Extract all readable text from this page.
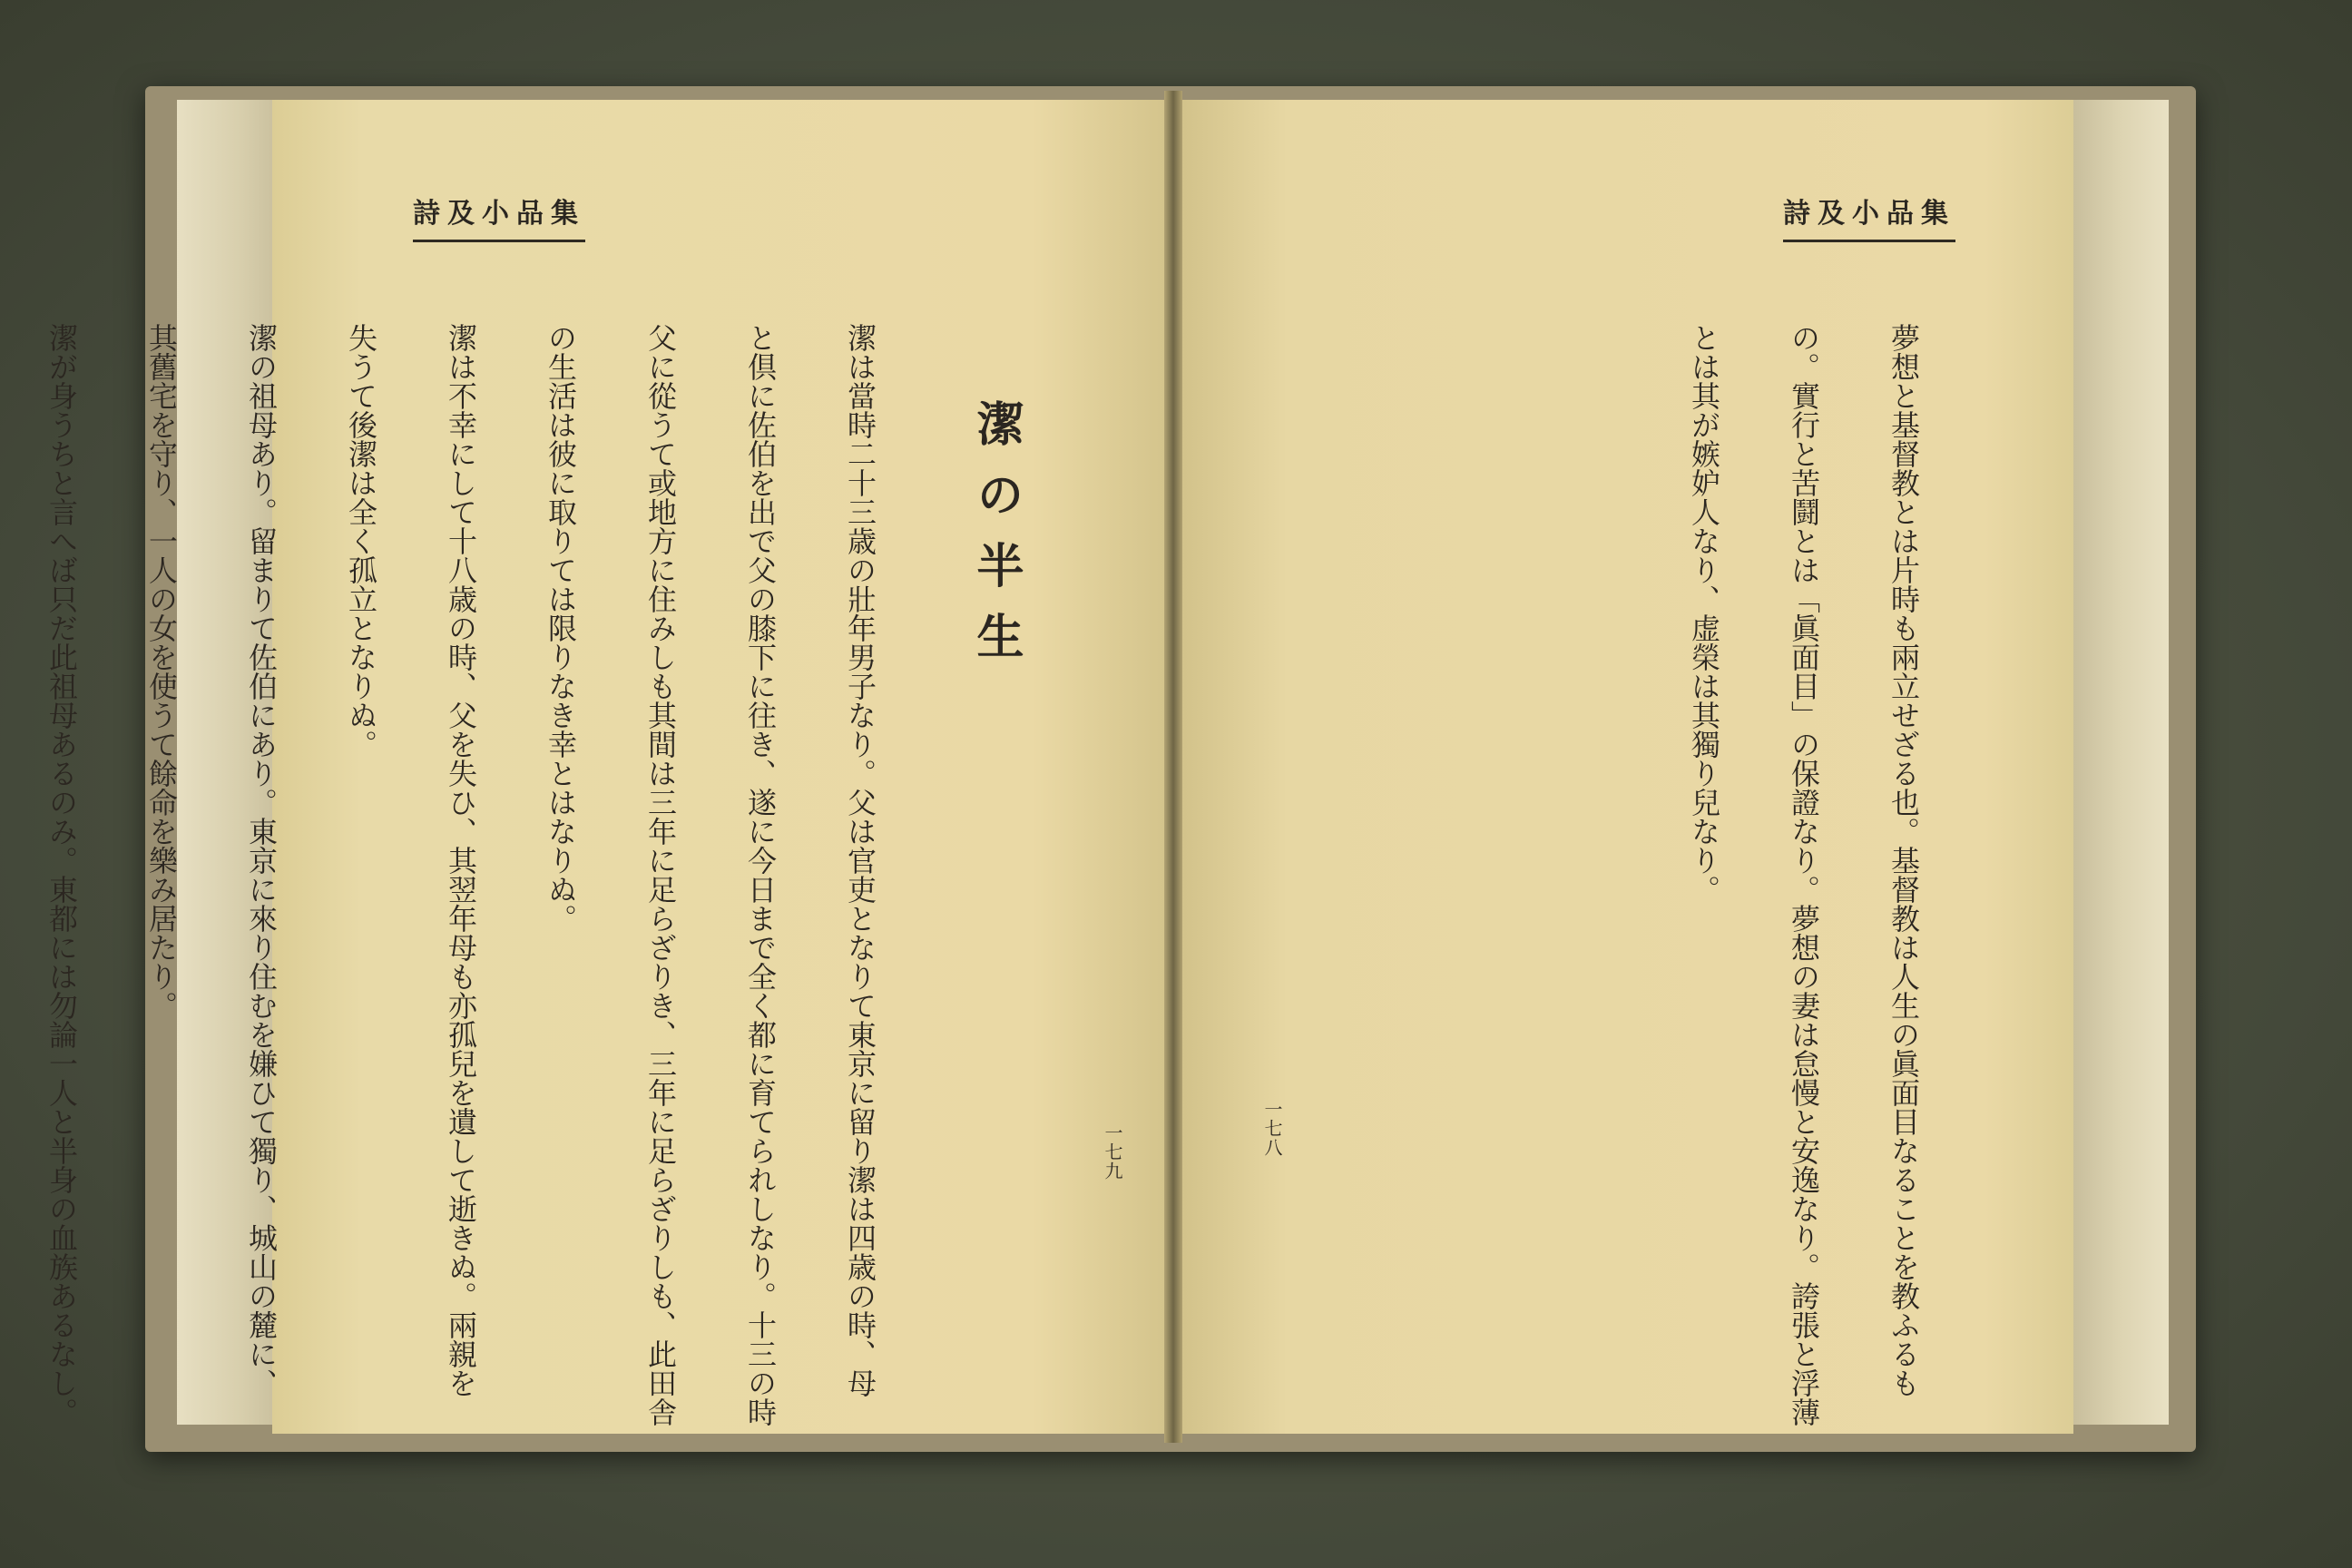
詩及小品集

潔は當時二十三歳の壯年男子なり。父は官吏となりて東京に留り潔は四歳の時、母

と倶に佐伯を出で父の膝下に往き、遂に今日まで全く都に育てられしなり。十三の時

父に從うて或地方に住みしも其間は三年に足らざりき、三年に足らざりしも、此田舎

の生活は彼に取りては限りなき幸とはなりぬ。

潔は不幸にして十八歳の時、父を失ひ、其翌年母も亦孤兒を遺して逝きぬ。兩親を

失うて後潔は全く孤立となりぬ。

潔の祖母あり。留まりて佐伯にあり。東京に來り住むを嫌ひて獨り、城山の麓に、

其舊宅を守り、一人の女を使うて餘命を樂み居たり。

潔が身うちと言へば只だ此祖母あるのみ。東都には勿論一人と半身の血族あるなし。

	潔の半生
一七九
詩及小品集

夢想と基督教とは片時も兩立せざる也。基督教は人生の眞面目なることを教ふるも

の。實行と苦鬪とは「眞面目」の保證なり。夢想の妻は怠慢と安逸なり。誇張と浮薄

とは其が嫉妒人なり、虚榮は其獨り兒なり。

一七八
